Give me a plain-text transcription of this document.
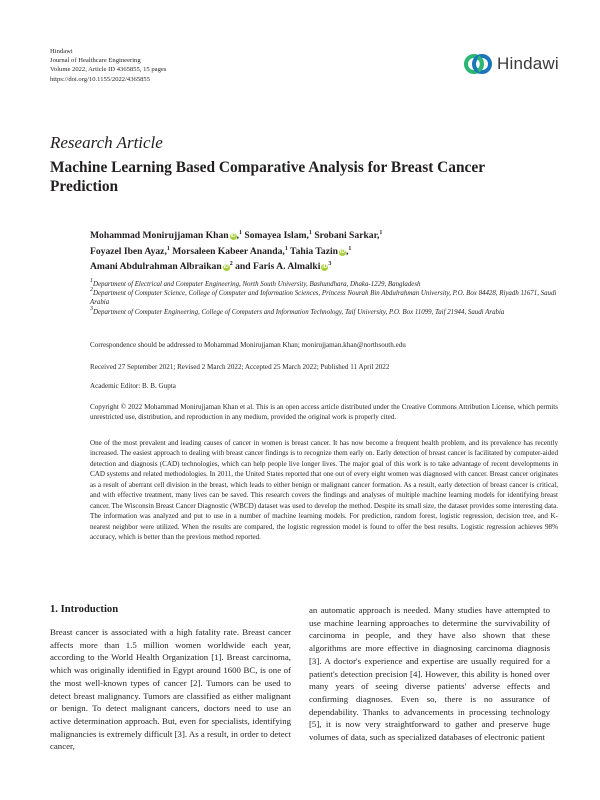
Hindawi
Journal of Healthcare Engineering
Volume 2022, Article ID 4365855, 15 pages
https://doi.org/10.1155/2022/4365855
Hindawi
Research Article
Machine Learning Based Comparative Analysis for Breast Cancer Prediction
Mohammad Monirujjaman Khan iD,$^1$ Somayea Islam,$^1$ Srobani Sarkar,$^1$
Foyazel Iben Ayaz,$^1$ Morsaleen Kabeer Ananda,$^1$ Tahia Tazin iD,$^1$
Amani Abdulrahman Albraikan $iD^2$ and Faris A. Almalki $iD^3$

$^1$Department of Electrical and Computer Engineering, North South University, Bashundhara, Dhaka-1229, Bangladesh

$^2$Department of Computer Science, College of Computer and Information Sciences, Princess Nourah Bin Abdulrahman University, P.O. Box 84428, Riyadh 11671, Saudi Arabia

$^3$Department of Computer Engineering, College of Computers and Information Technology, Taif University, P.O. Box 11099, Taif 21944, Saudi Arabia

Correspondence should be addressed to Mohammad Monirujjaman Khan; monirujjaman.khan@northsouth.edu
Received 27 September 2021; Revised 2 March 2022; Accepted 25 March 2022; Published 11 April 2022
Academic Editor: B. B. Gupta
Copyright © 2022 Mohammad Monirujjaman Khan et al. This is an open access article distributed under the Creative Commons Attribution License, which permits unrestricted use, distribution, and reproduction in any medium, provided the original work is properly cited.
One of the most prevalent and leading causes of cancer in women is breast cancer. It has now become a frequent health problem, and its prevalence has recently increased. The easiest approach to dealing with breast cancer findings is to recognize them early on. Early detection of breast cancer is facilitated by computer-aided detection and diagnosis (CAD) technologies, which can help people live longer lives. The major goal of this work is to take advantage of recent developments in CAD systems and related methodologies. In 2011, the United States reported that one out of every eight women was diagnosed with cancer. Breast cancer originates as a result of aberrant cell division in the breast, which leads to either benign or malignant cancer formation. As a result, early detection of breast cancer is critical, and with effective treatment, many lives can be saved. This research covers the findings and analyses of multiple machine learning models for identifying breast cancer. The Wisconsin Breast Cancer Diagnostic (WBCD) dataset was used to develop the method. Despite its small size, the dataset provides some interesting data. The information was analyzed and put to use in a number of machine learning models. For prediction, random forest, logistic regression, decision tree, and K-nearest neighbor were utilized. When the results are compared, the logistic regression model is found to offer the best results. Logistic regression achieves 98% accuracy, which is better than the previous method reported.
1. Introduction

Breast cancer is associated with a high fatality rate. Breast cancer affects more than 1.5 million women worldwide each year, according to the World Health Organization [1]. Breast carcinoma, which was originally identified in Egypt around 1600 BC, is one of the most well-known types of cancer [2]. Tumors can be used to detect breast malignancy. Tumors are classified as either malignant or benign. To detect malignant cancers, doctors need to use an active determination approach. But, even for specialists, identifying malignancies is extremely difficult [3]. As a result, in order to detect cancer,

an automatic approach is needed. Many studies have attempted to use machine learning approaches to determine the survivability of carcinoma in people, and they have also shown that these algorithms are more effective in diagnosing carcinoma diagnosis [3]. A doctor's experience and expertise are usually required for a patient's detection precision [4]. However, this ability is honed over many years of seeing diverse patients' adverse effects and confirming diagnoses. Even so, there is no assurance of dependability. Thanks to advancements in processing technology [5], it is now very straightforward to gather and preserve huge volumes of data, such as specialized databases of electronic patient
